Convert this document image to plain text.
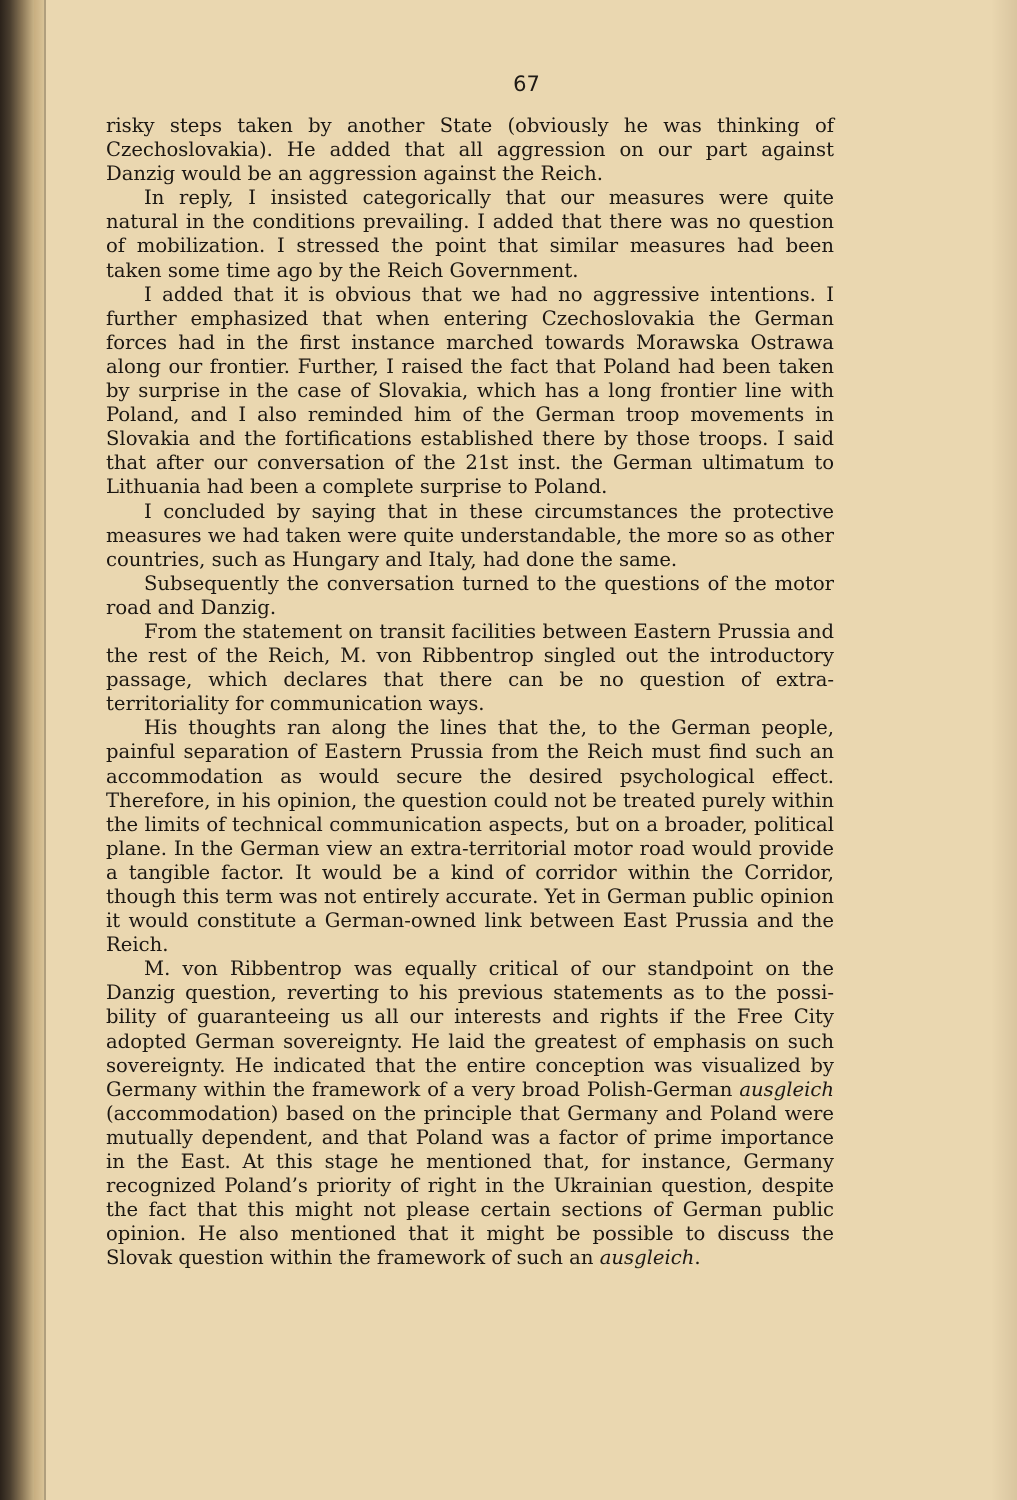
67

risky steps taken by another State (obviously he was thinking of Czechoslovakia). He added that all aggression on our part against Danzig would be an aggression against the Reich.

In reply, I insisted categorically that our measures were quite natural in the conditions prevailing. I added that there was no question of mobilization. I stressed the point that similar measures had been taken some time ago by the Reich Government.

I added that it is obvious that we had no aggressive intentions. I further emphasized that when entering Czechoslovakia the German forces had in the first instance marched towards Morawska Ostrawa along our frontier. Further, I raised the fact that Poland had been taken by surprise in the case of Slovakia, which has a long frontier line with Poland, and I also reminded him of the German troop movements in Slovakia and the fortifications established there by those troops. I said that after our conversation of the 21st inst. the German ultimatum to Lithuania had been a complete surprise to Poland.

I concluded by saying that in these circumstances the protective measures we had taken were quite understandable, the more so as other countries, such as Hungary and Italy, had done the same.

Subsequently the conversation turned to the questions of the motor road and Danzig.

From the statement on transit facilities between Eastern Prussia and the rest of the Reich, M. von Ribbentrop singled out the introductory passage, which declares that there can be no question of extra-territoriality for communication ways.

His thoughts ran along the lines that the, to the German people, painful separation of Eastern Prussia from the Reich must find such an accommodation as would secure the desired psychological effect. Therefore, in his opinion, the question could not be treated purely within the limits of technical communication aspects, but on a broader, political plane. In the German view an extra-territorial motor road would provide a tangible factor. It would be a kind of corridor within the Corridor, though this term was not entirely accurate. Yet in German public opinion it would constitute a German-owned link between East Prussia and the Reich.

M. von Ribbentrop was equally critical of our standpoint on the Danzig question, reverting to his previous statements as to the possibility of guaranteeing us all our interests and rights if the Free City adopted German sovereignty. He laid the greatest of emphasis on such sovereignty. He indicated that the entire conception was visualized by Germany within the framework of a very broad Polish-German ausgleich (accommodation) based on the principle that Germany and Poland were mutually dependent, and that Poland was a factor of prime importance in the East. At this stage he mentioned that, for instance, Germany recognized Poland’s priority of right in the Ukrainian question, despite the fact that this might not please certain sections of German public opinion. He also mentioned that it might be possible to discuss the Slovak question within the framework of such an ausgleich.
